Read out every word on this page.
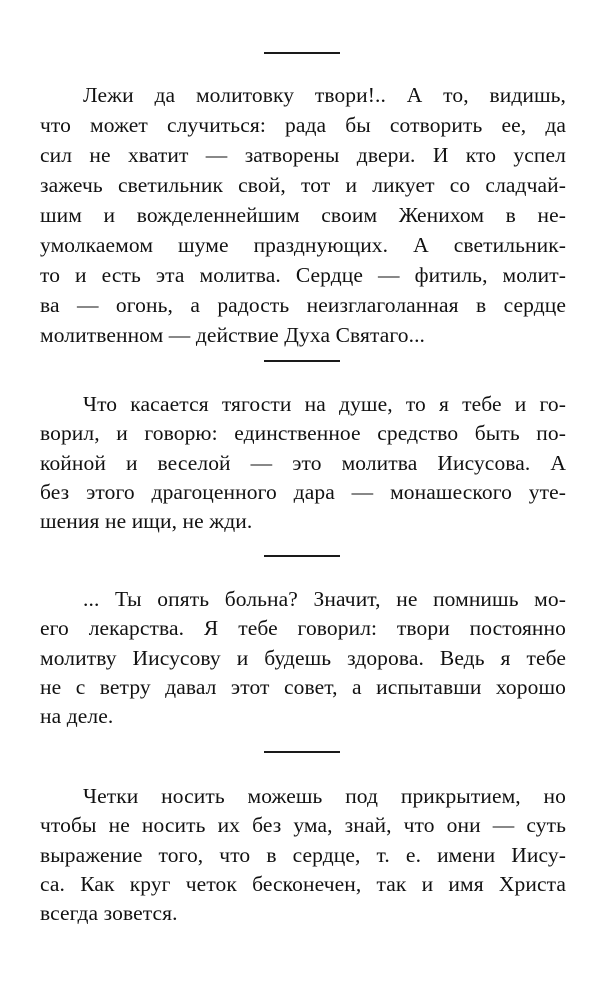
Лежи да молитовку твори!.. А то, видишь,
что может случиться: рада бы сотворить ее, да
сил не хватит — затворены двери. И кто успел
зажечь светильник свой, тот и ликует со сладчай-
шим и вожделеннейшим своим Женихом в не-
умолкаемом шуме празднующих. А светильник-
то и есть эта молитва. Сердце — фитиль, молит-
ва — огонь, а радость неизглаголанная в сердце
молитвенном — действие Духа Святаго...

Что касается тягости на душе, то я тебе и го-
ворил, и говорю: единственное средство быть по-
койной и веселой — это молитва Иисусова. А
без этого драгоценного дара — монашеского уте-
шения не ищи, не жди.

... Ты опять больна? Значит, не помнишь мо-
его лекарства. Я тебе говорил: твори постоянно
молитву Иисусову и будешь здорова. Ведь я тебе
не с ветру давал этот совет, а испытавши хорошо
на деле.

Четки носить можешь под прикрытием, но
чтобы не носить их без ума, знай, что они — суть
выражение того, что в сердце, т. е. имени Иису-
са. Как круг четок бесконечен, так и имя Христа
всегда зовется.
